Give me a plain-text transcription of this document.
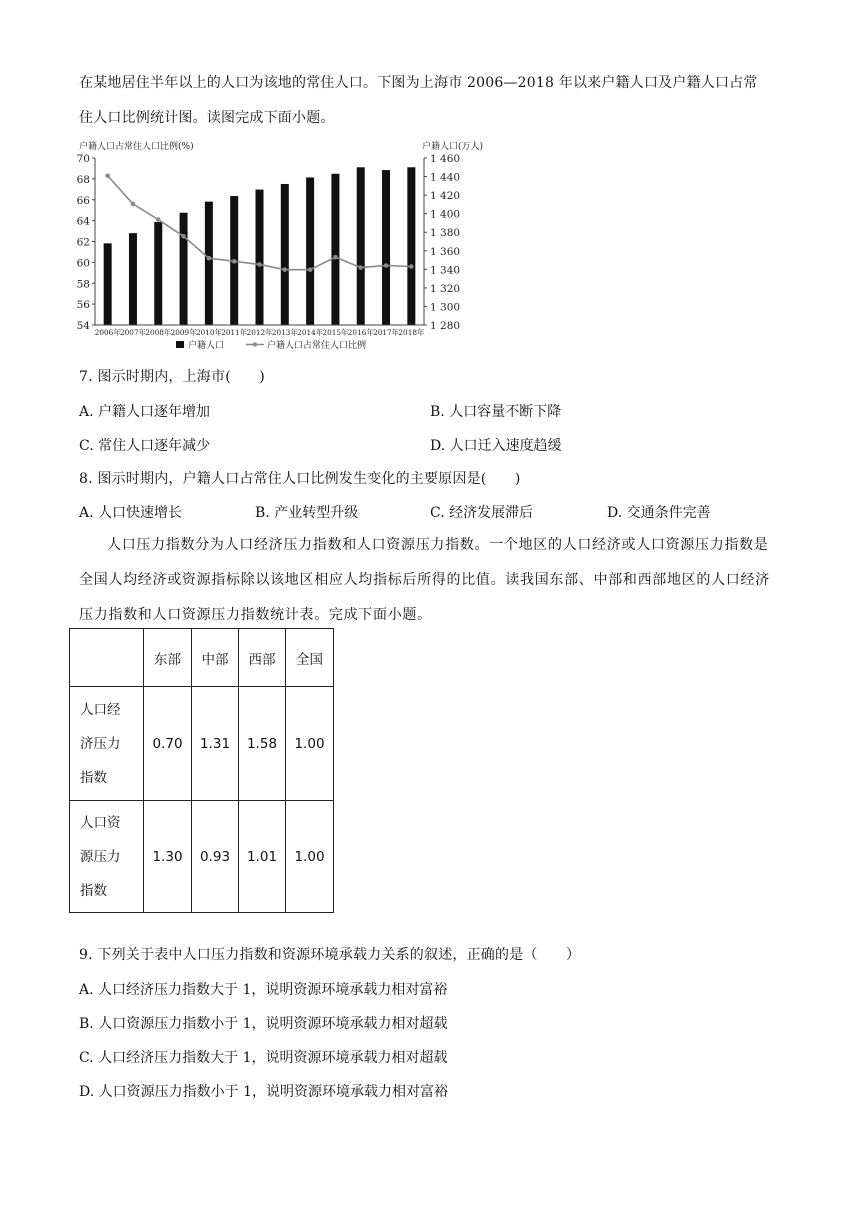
在某地居住半年以上的人口为该地的常住人口。下图为上海市 2006—2018 年以来户籍人口及户籍人口占常
住人口比例统计图。读图完成下面小题。
户籍人口占常住人口比例(%)
70
68
66
64
62
60
58
56
54
户籍人口(万人)
1 460
1 440
1 420
1 400
1 380
1 360
1 340
1 320
1 300
1 280
2006年 2007年 2008年 2009年 2010年 2011年 2012年 2013年 2014年 2015年 2016年 2017年 2018年
户籍人口	户籍人口占常住人口比例
7. 图示时期内，上海市(　　)
A. 户籍人口逐年增加	B. 人口容量不断下降
C. 常住人口逐年减少	D. 人口迁入速度趋缓
8. 图示时期内，户籍人口占常住人口比例发生变化的主要原因是(　　)
A. 人口快速增长	B. 产业转型升级	C. 经济发展滞后	D. 交通条件完善
人口压力指数分为人口经济压力指数和人口资源压力指数。一个地区的人口经济或人口资源压力指数是全国人均经济或资源指标除以该地区相应人均指标后所得的比值。读我国东部、中部和西部地区的人口经济压力指数和人口资源压力指数统计表。完成下面小题。
	东部	中部	西部	全国

人口经济压力指数	0.70	1.31	1.58	1.00

人口资源压力指数	1.30	0.93	1.01	1.00
9. 下列关于表中人口压力指数和资源环境承载力关系的叙述，正确的是（　　）
A. 人口经济压力指数大于 1，说明资源环境承载力相对富裕
B. 人口资源压力指数小于 1，说明资源环境承载力相对超载
C. 人口经济压力指数大于 1，说明资源环境承载力相对超载
D. 人口资源压力指数小于 1，说明资源环境承载力相对富裕
